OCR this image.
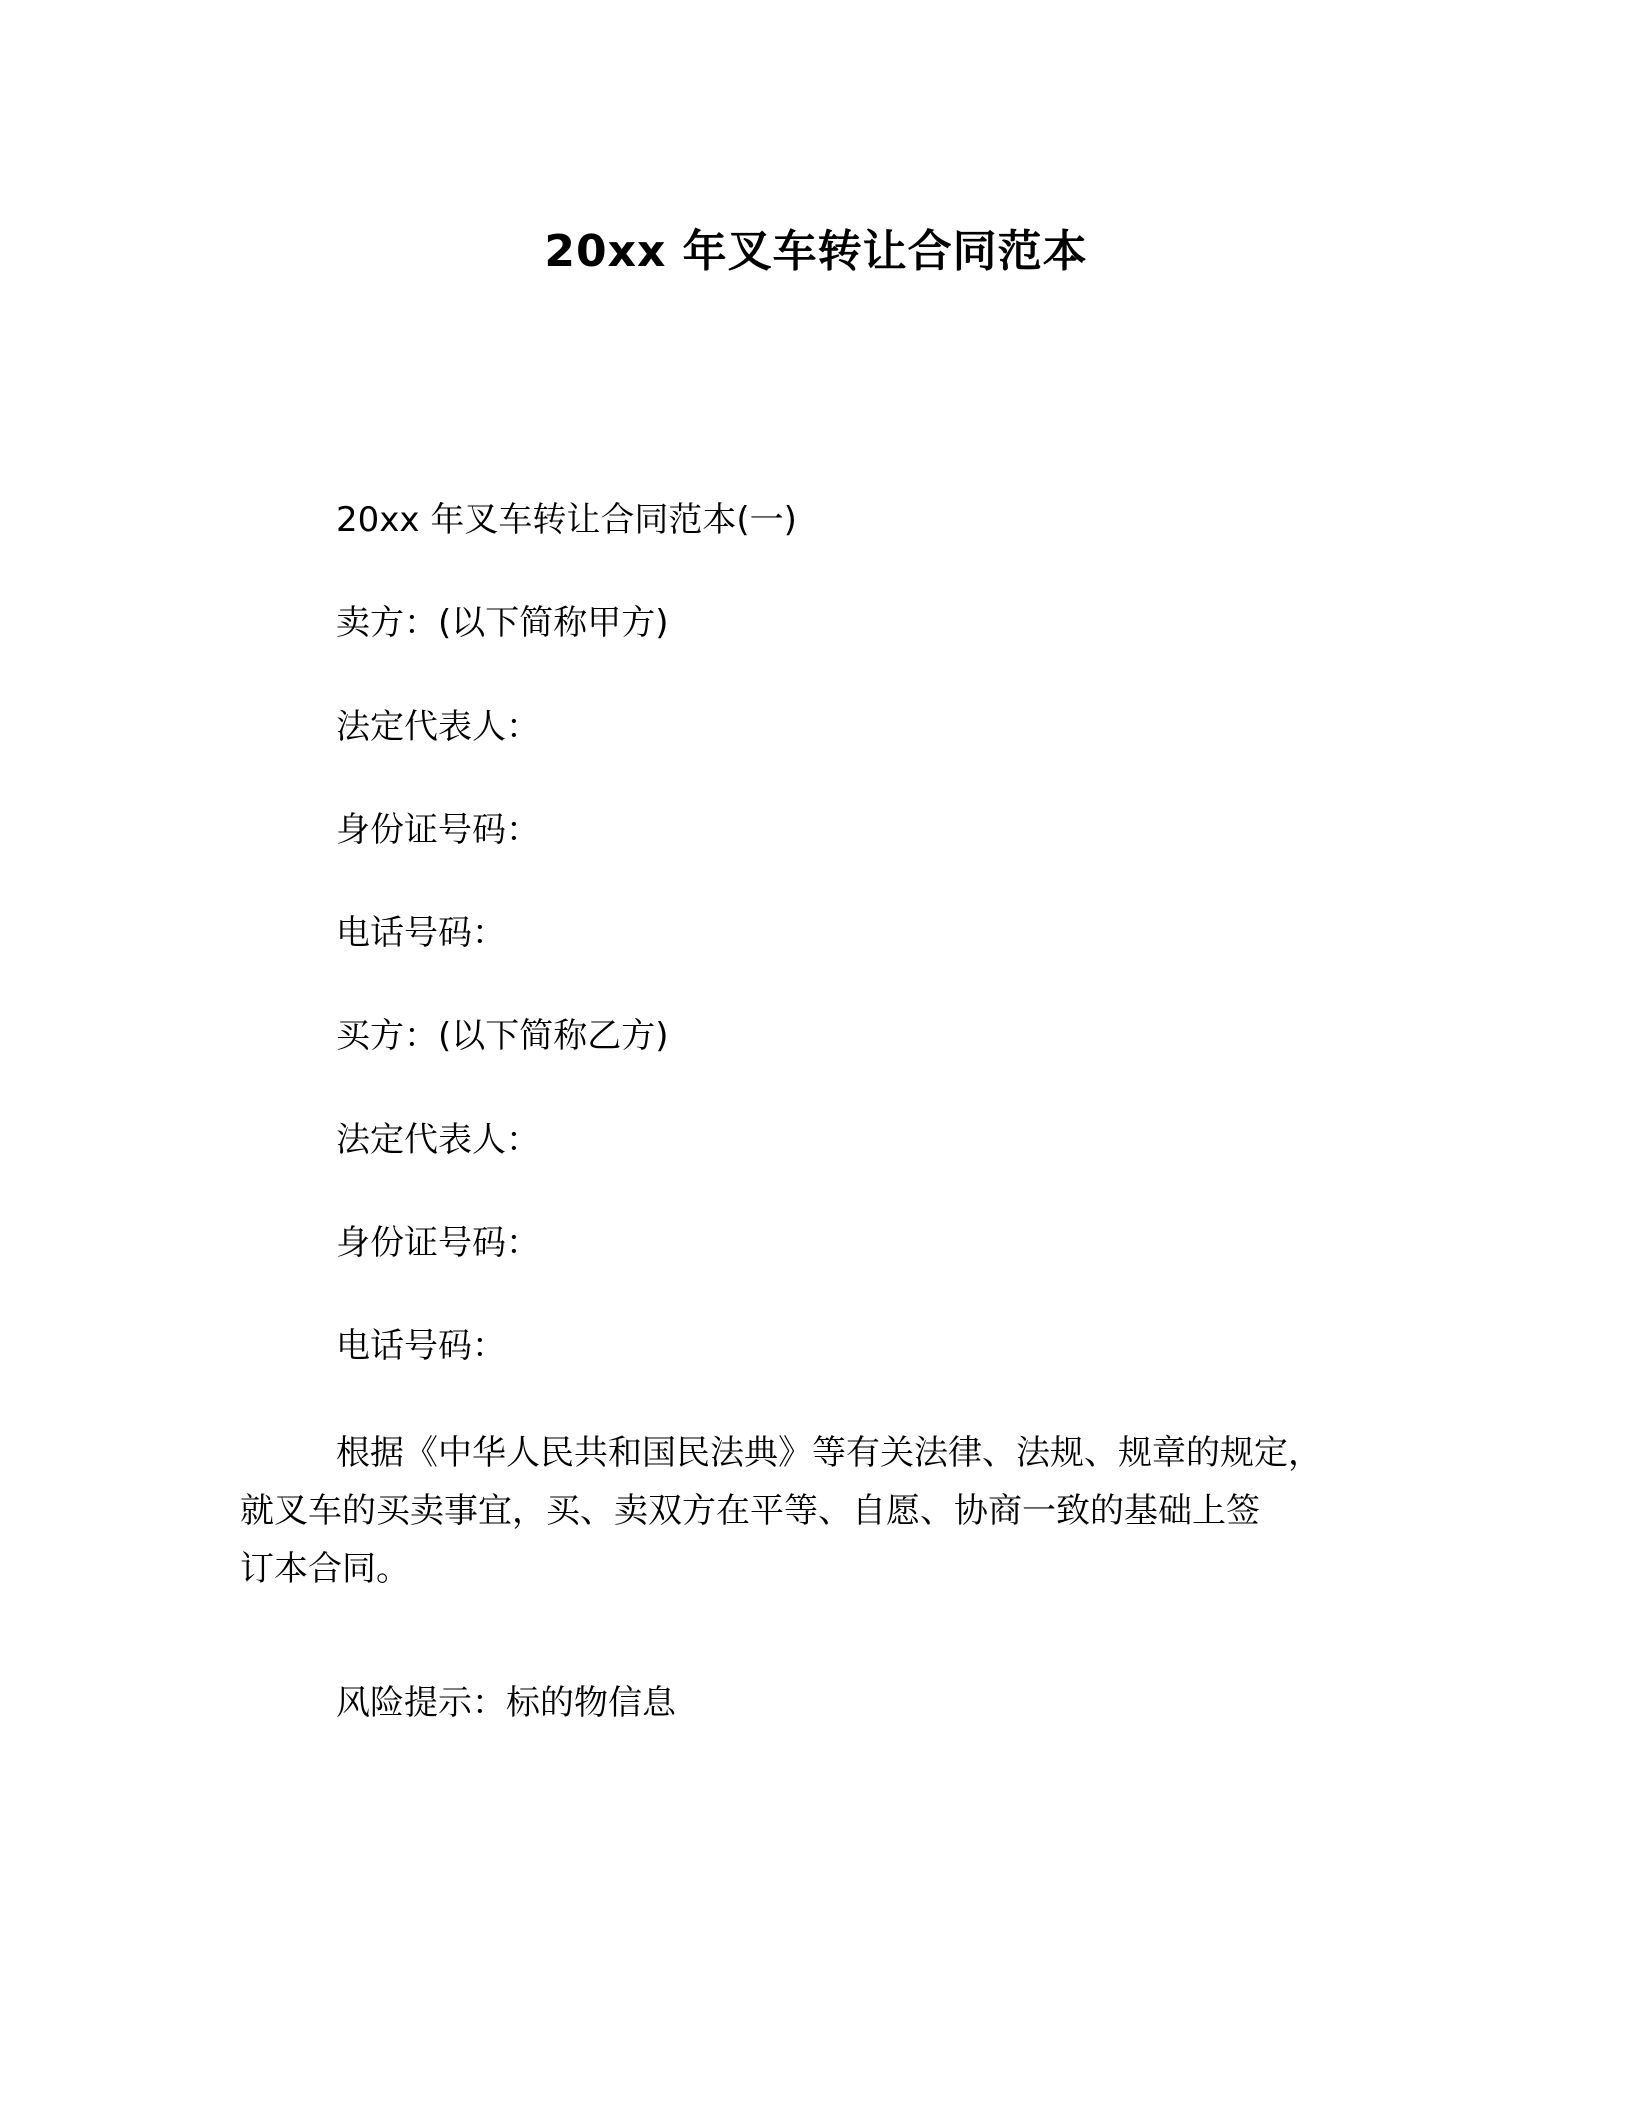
20xx 年叉车转让合同范本
20xx 年叉车转让合同范本(一)
卖方：(以下简称甲方)
法定代表人：
身份证号码：
电话号码：
买方：(以下简称乙方)
法定代表人：
身份证号码：
电话号码：
根据《中华人民共和国民法典》等有关法律、法规、规章的规定，
就叉车的买卖事宜，买、卖双方在平等、自愿、协商一致的基础上签
订本合同。
风险提示：标的物信息
